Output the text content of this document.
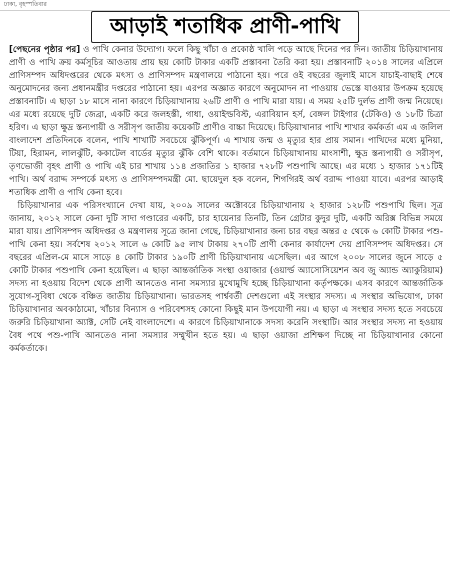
ঢাকা, বৃহস্পতিবার
আড়াই শতাধিক প্রাণী-পাখি

[পেছনের পৃষ্ঠার পর] ও পাখি কেনার উদ্যোগ। ফলে কিছু খাঁচা ও প্রকোষ্ঠ খালি পড়ে আছে দিনের পর দিন। জাতীয় চিড়িয়াখানায় প্রাণী ও পাখি ক্রয় কর্মসূচির আওতায় প্রায় ছয় কোটি টাকার একটি প্রস্তাবনা তৈরি করা হয়। প্রস্তাবনাটি ২০১৪ সালের এপ্রিলে প্রাণিসম্পদ অধিদপ্তরের থেকে মৎস্য ও প্রাণিসম্পদ মন্ত্রণালয়ে পাঠানো হয়। পরে ওই বছরের জুলাই মাসে যাচাই-বাছাই শেষে অনুমোদনের জন্য প্রধানমন্ত্রীর দপ্তরের পাঠানো হয়। এরপর অজ্ঞাত কারণে অনুমোদন না পাওয়ায় ভেস্তে যাওয়ার উপক্রম হয়েছে প্রস্তাবনাটি। এ ছাড়া ১৮ মাসে নানা কারণে চিড়িয়াখানায় ২৬টি প্রাণী ও পাখি মারা যায়। এ সময় ২৫টি দুর্লভ প্রাণী জন্ম নিয়েছে। এর মধ্যে রয়েছে দুটি জেব্রা, একটি করে জলহস্তী, গাধা, ওয়াইল্ডবিস্ট, এরাবিয়ান হর্স, বেঙ্গল টাইগার (টেকিও) ও ১৮টি চিত্রা হরিণ। এ ছাড়া ক্ষুদ্র স্তন্যপায়ী ও সরীসৃপ জাতীয় কয়েকটি প্রাণীও বাচ্চা দিয়েছে। চিড়িয়াখানার পাখি শাখার কর্মকর্তা এম এ জলিল বাংলাদেশ প্রতিদিনকে বলেন, পাখি শাখাটি সবচেয়ে ঝুঁকিপূর্ণ। এ শাখায় জন্ম ও মৃত্যুর হার প্রায় সমান। পাখিদের মধ্যে মুনিয়া, টিয়া, হিরামন, লালঝুঁটি, ককাটেল বার্ডের মৃত্যুর ঝুঁকি বেশি থাকে। বর্তমানে চিড়িয়াখানায় মাংসাশী, ক্ষুদ্র স্তন্যপায়ী ও সরীসৃপ, তৃণভোজী বৃহৎ প্রাণী ও পাখি এই চার শাখায় ১১৪ প্রজাতির ১ হাজার ৭২৮টি পশুপাখি আছে। এর মধ্যে ১ হাজার ১৭১টিই পাখি। অর্থ বরাদ্দ সম্পর্কে মৎস্য ও প্রাণিসম্পদমন্ত্রী মো. ছায়েদুল হক বলেন, শিগগিরই অর্থ বরাদ্দ পাওয়া যাবে। এরপর আড়াই শতাধিক প্রাণী ও পাখি কেনা হবে।

 চিড়িয়াখানার এক পরিসংখ্যানে দেখা যায়, ২০০৯ সালের অক্টোবরে চিড়িয়াখানায় ২ হাজার ১২৮টি পশুপাখি ছিল। সূত্র জানায়, ২০১২ সালে কেনা দুটি সাদা গণ্ডারের একটি, চার হায়েনার তিনটি, তিন গ্রেটার কুদুর দুটি, একটি অরিক্স বিভিন্ন সময়ে মারা যায়। প্রাণিসম্পদ অধিদপ্তর ও মন্ত্রণালয় সূত্রে জানা গেছে, চিড়িয়াখানার জন্য চার বছর অন্তর ৫ থেকে ৬ কোটি টাকার পশু-পাখি কেনা হয়। সর্বশেষ ২০১২ সালে ৬ কোটি ৯৫ লাখ টাকায় ২৭০টি প্রাণী কেনার কার্যাদেশ দেয় প্রাণিসম্পদ অধিদপ্তর। সে বছরের এপ্রিল-মে মাসে সাড়ে ৪ কোটি টাকার ১৯০টি প্রাণী চিড়িয়াখানায় এসেছিল। এর আগে ২০০৮ সালের জুনে সাড়ে ৫ কোটি টাকার পশুপাখি কেনা হয়েছিল। এ ছাড়া আন্তর্জাতিক সংস্থা ওয়াজার (ওয়ার্ল্ড অ্যাসোসিয়েশন অব জু অ্যান্ড অ্যাকুরিয়াম) সদস্য না হওয়ায় বিদেশ থেকে প্রাণী আনতেও নানা সমস্যার মুখোমুখি হচ্ছে চিড়িয়াখানা কর্তৃপক্ষকে। এসব কারণে আন্তর্জাতিক সুযোগ-সুবিধা থেকে বঞ্চিত জাতীয় চিড়িয়াখানা। ভারতসহ পার্শ্ববর্তী দেশগুলো এই সংস্থার সদস্য। এ সংস্থার অভিযোগ, ঢাকা চিড়িয়াখানার অবকাঠামো, খাঁচার বিন্যাস ও পরিবেশসহ কোনো কিছুই মান উপযোগী নয়। এ ছাড়া এ সংস্থার সদস্য হতে সবচেয়ে জরুরি চিড়িয়াখানা অ্যাক্ট, সেটি নেই বাংলাদেশে। এ কারণে চিড়িয়াখানাকে সদস্য করেনি সংস্থাটি। আর সংস্থার সদস্য না হওয়ায় বৈধ পথে পশু-পাখি আনতেও নানা সমস্যার সম্মুখীন হতে হয়। এ ছাড়া ওয়াজা প্রশিক্ষণ দিচ্ছে না চিড়িয়াখানার কোনো কর্মকর্তাকে।
